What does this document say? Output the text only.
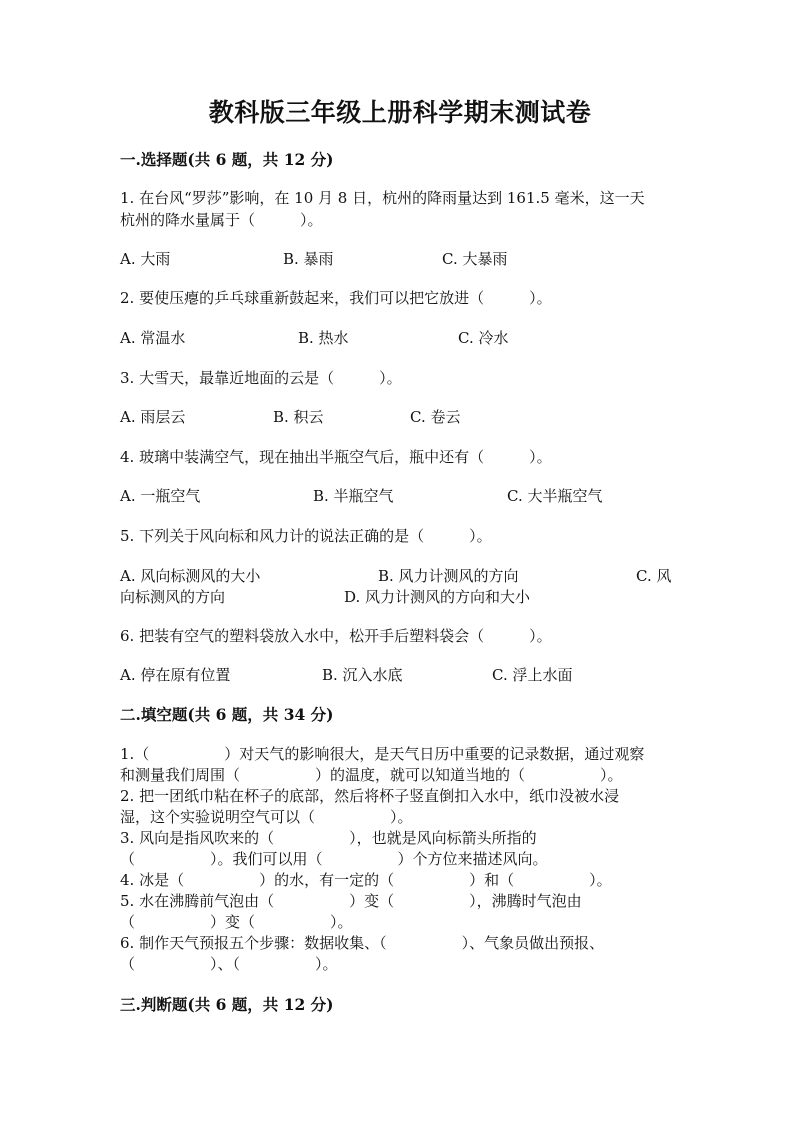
教科版三年级上册科学期末测试卷
一.选择题(共 6 题，共 12 分)
1. 在台风“罗莎”影响，在 10 月 8 日，杭州的降雨量达到 161.5 毫米，这一天
杭州的降水量属于（　　　）。
A. 大雨	B. 暴雨	C. 大暴雨
2. 要使压瘪的乒乓球重新鼓起来，我们可以把它放进（　　　）。
A. 常温水	B. 热水	C. 冷水
3. 大雪天，最靠近地面的云是（　　　）。
A. 雨层云	B. 积云	C. 卷云
4. 玻璃中装满空气，现在抽出半瓶空气后，瓶中还有（　　　）。
A. 一瓶空气	B. 半瓶空气	C. 大半瓶空气
5. 下列关于风向标和风力计的说法正确的是（　　　）。
A. 风向标测风的大小	B. 风力计测风的方向	C. 风
向标测风的方向	D. 风力计测风的方向和大小
6. 把装有空气的塑料袋放入水中，松开手后塑料袋会（　　　）。
A. 停在原有位置	B. 沉入水底	C. 浮上水面
二.填空题(共 6 题，共 34 分)
1.（　　　　　）对天气的影响很大，是天气日历中重要的记录数据，通过观察
和测量我们周围（　　　　　）的温度，就可以知道当地的（　　　　　）。
2. 把一团纸巾粘在杯子的底部，然后将杯子竖直倒扣入水中，纸巾没被水浸
湿，这个实验说明空气可以（　　　　　）。
3. 风向是指风吹来的（　　　　　），也就是风向标箭头所指的
（　　　　　）。我们可以用（　　　　　）个方位来描述风向。
4. 冰是（　　　　　）的水，有一定的（　　　　　）和（　　　　　）。
5. 水在沸腾前气泡由（　　　　　）变（　　　　　），沸腾时气泡由
（　　　　　）变（　　　　　）。
6. 制作天气预报五个步骤：数据收集、（　　　　　）、气象员做出预报、
（　　　　　）、（　　　　　）。
三.判断题(共 6 题，共 12 分)
